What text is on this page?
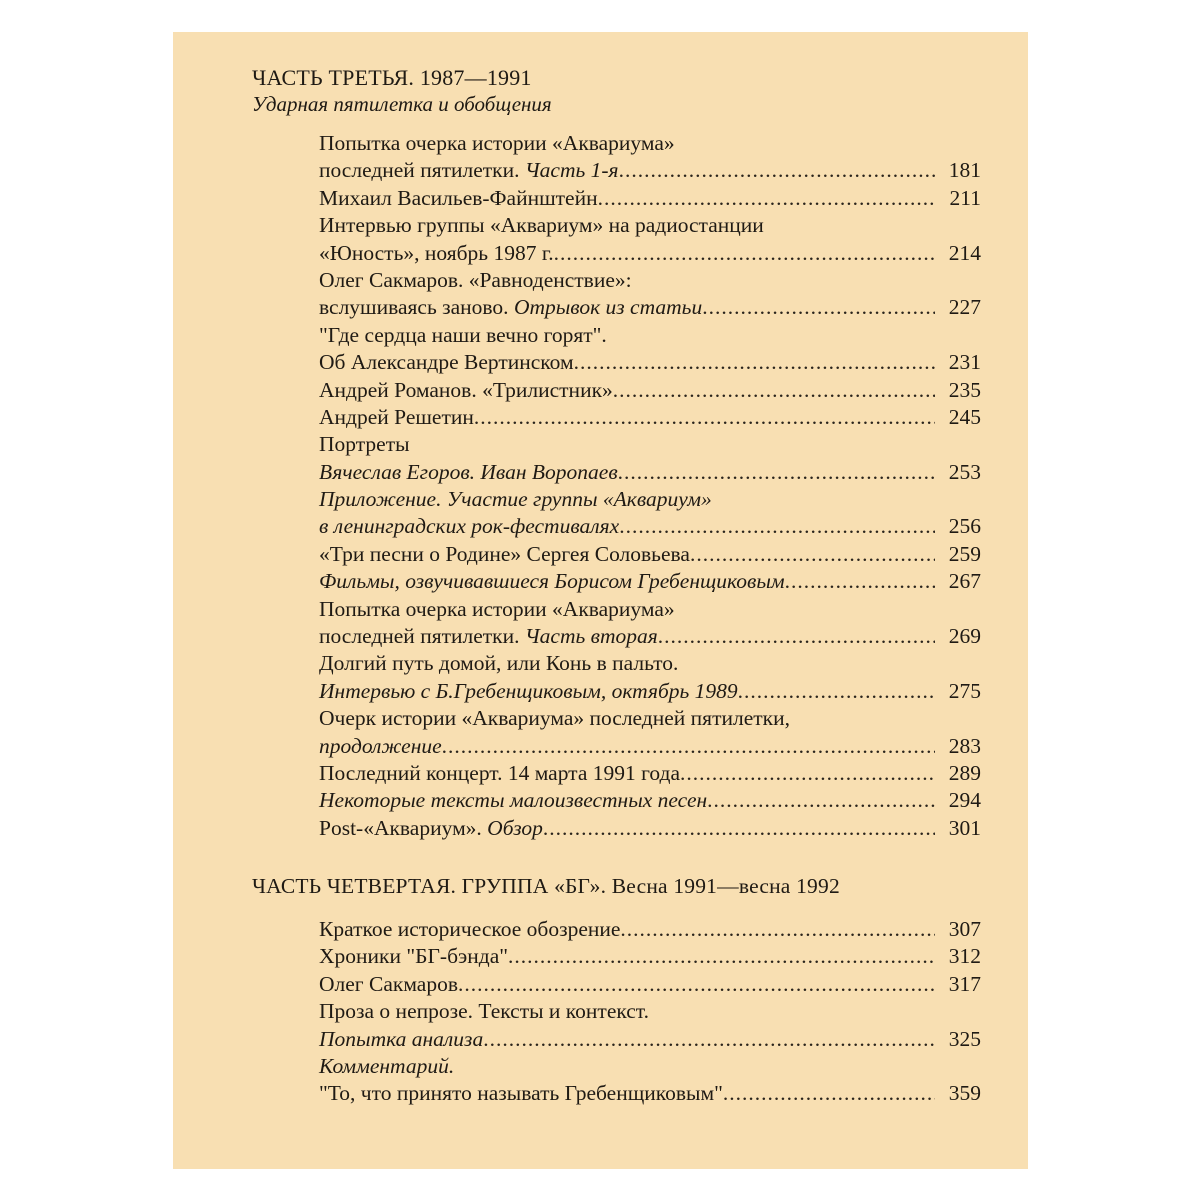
ЧАСТЬ ТРЕТЬЯ. 1987—1991
Ударная пятилетка и обобщения
Попытка очерка истории «Аквариума»
последней пятилетки. Часть 1-я .....	181
Михаил Васильев-Файнштейн .....	211
Интервью группы «Аквариум» на радиостанции
«Юность», ноябрь 1987 г. .....	214
Олег Сакмаров. «Равноденствие»:
вслушиваясь заново. Отрывок из статьи .....	227
"Где сердца наши вечно горят".
Об Александре Вертинском .....	231
Андрей Романов. «Трилистник» .....	235
Андрей Решетин .....	245
Портреты
Вячеслав Егоров. Иван Воропаев .....	253
Приложение. Участие группы «Аквариум»
в ленинградских рок-фестивалях .....	256
«Три песни о Родине» Сергея Соловьева .....	259
Фильмы, озвучивавшиеся Борисом Гребенщиковым .....	267
Попытка очерка истории «Аквариума»
последней пятилетки. Часть вторая .....	269
Долгий путь домой, или Конь в пальто.
Интервью с Б.Гребенщиковым, октябрь 1989 .....	275
Очерк истории «Аквариума» последней пятилетки,
продолжение .....	283
Последний концерт. 14 марта 1991 года .....	289
Некоторые тексты малоизвестных песен .....	294
Post-«Аквариум». Обзор .....	301
ЧАСТЬ ЧЕТВЕРТАЯ. ГРУППА «БГ». Весна 1991—весна 1992
Краткое историческое обозрение .....	307
Хроники "БГ-бэнда" .....	312
Олег Сакмаров .....	317
Проза о непрозе. Тексты и контекст.
Попытка анализа .....	325
Комментарий.
"То, что принято называть Гребенщиковым" .....	359
